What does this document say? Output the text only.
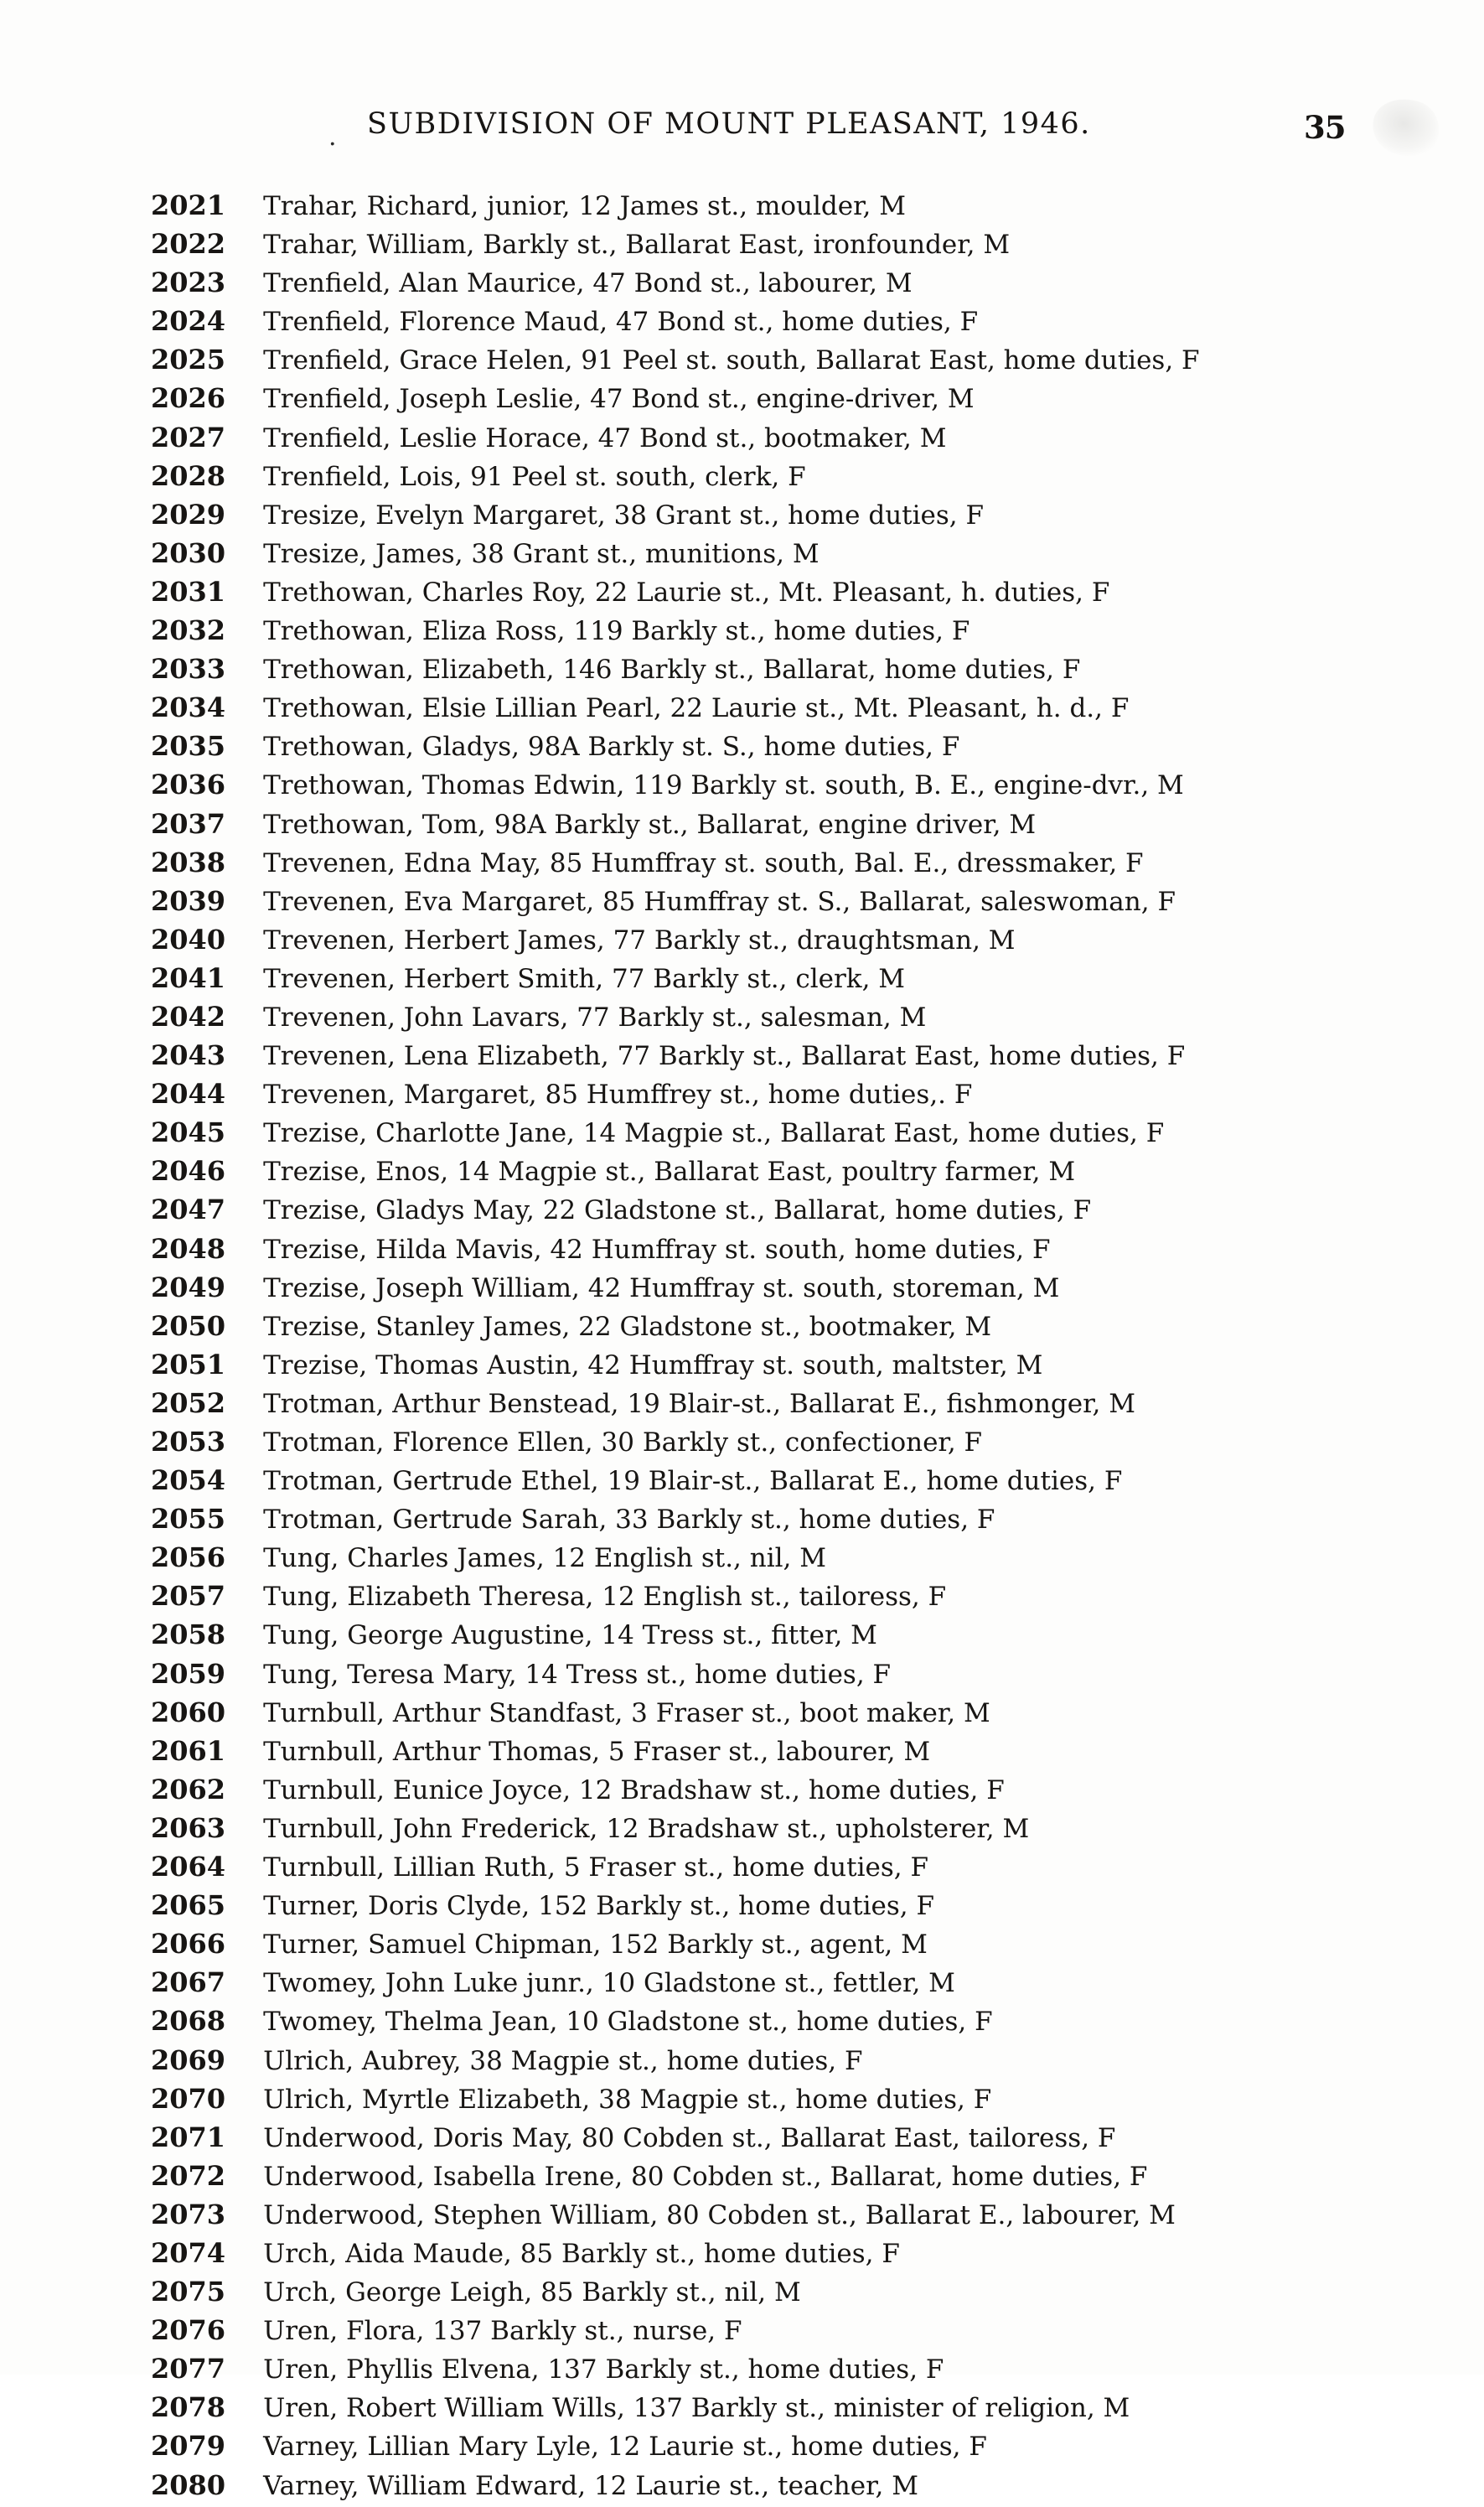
. SUBDIVISION OF MOUNT PLEASANT, 1946.	35
2021 Trahar, Richard, junior, 12 James st., moulder, M
2022 Trahar, William, Barkly st., Ballarat East, ironfounder, M
2023 Trenfield, Alan Maurice, 47 Bond st., labourer, M
2024 Trenfield, Florence Maud, 47 Bond st., home duties, F
2025 Trenfield, Grace Helen, 91 Peel st. south, Ballarat East, home duties, F
2026 Trenfield, Joseph Leslie, 47 Bond st., engine-driver, M
2027 Trenfield, Leslie Horace, 47 Bond st., bootmaker, M
2028 Trenfield, Lois, 91 Peel st. south, clerk, F
2029 Tresize, Evelyn Margaret, 38 Grant st., home duties, F
2030 Tresize, James, 38 Grant st., munitions, M
2031 Trethowan, Charles Roy, 22 Laurie st., Mt. Pleasant, h. duties, F
2032 Trethowan, Eliza Ross, 119 Barkly st., home duties, F
2033 Trethowan, Elizabeth, 146 Barkly st., Ballarat, home duties, F
2034 Trethowan, Elsie Lillian Pearl, 22 Laurie st., Mt. Pleasant, h. d., F
2035 Trethowan, Gladys, 98A Barkly st. S., home duties, F
2036 Trethowan, Thomas Edwin, 119 Barkly st. south, B. E., engine-dvr., M
2037 Trethowan, Tom, 98A Barkly st., Ballarat, engine driver, M
2038 Trevenen, Edna May, 85 Humffray st. south, Bal. E., dressmaker, F
2039 Trevenen, Eva Margaret, 85 Humffray st. S., Ballarat, saleswoman, F
2040 Trevenen, Herbert James, 77 Barkly st., draughtsman, M
2041 Trevenen, Herbert Smith, 77 Barkly st., clerk, M
2042 Trevenen, John Lavars, 77 Barkly st., salesman, M
2043 Trevenen, Lena Elizabeth, 77 Barkly st., Ballarat East, home duties, F
2044 Trevenen, Margaret, 85 Humffrey st., home duties,. F
2045 Trezise, Charlotte Jane, 14 Magpie st., Ballarat East, home duties, F
2046 Trezise, Enos, 14 Magpie st., Ballarat East, poultry farmer, M
2047 Trezise, Gladys May, 22 Gladstone st., Ballarat, home duties, F
2048 Trezise, Hilda Mavis, 42 Humffray st. south, home duties, F
2049 Trezise, Joseph William, 42 Humffray st. south, storeman, M
2050 Trezise, Stanley James, 22 Gladstone st., bootmaker, M
2051 Trezise, Thomas Austin, 42 Humffray st. south, maltster, M
2052 Trotman, Arthur Benstead, 19 Blair-st., Ballarat E., fishmonger, M
2053 Trotman, Florence Ellen, 30 Barkly st., confectioner, F
2054 Trotman, Gertrude Ethel, 19 Blair-st., Ballarat E., home duties, F
2055 Trotman, Gertrude Sarah, 33 Barkly st., home duties, F
2056 Tung, Charles James, 12 English st., nil, M
2057 Tung, Elizabeth Theresa, 12 English st., tailoress, F
2058 Tung, George Augustine, 14 Tress st., fitter, M
2059 Tung, Teresa Mary, 14 Tress st., home duties, F
2060 Turnbull, Arthur Standfast, 3 Fraser st., boot maker, M
2061 Turnbull, Arthur Thomas, 5 Fraser st., labourer, M
2062 Turnbull, Eunice Joyce, 12 Bradshaw st., home duties, F
2063 Turnbull, John Frederick, 12 Bradshaw st., upholsterer, M
2064 Turnbull, Lillian Ruth, 5 Fraser st., home duties, F
2065 Turner, Doris Clyde, 152 Barkly st., home duties, F
2066 Turner, Samuel Chipman, 152 Barkly st., agent, M
2067 Twomey, John Luke junr., 10 Gladstone st., fettler, M
2068 Twomey, Thelma Jean, 10 Gladstone st., home duties, F
2069 Ulrich, Aubrey, 38 Magpie st., home duties, F
2070 Ulrich, Myrtle Elizabeth, 38 Magpie st., home duties, F
2071 Underwood, Doris May, 80 Cobden st., Ballarat East, tailoress, F
2072 Underwood, Isabella Irene, 80 Cobden st., Ballarat, home duties, F
2073 Underwood, Stephen William, 80 Cobden st., Ballarat E., labourer, M
2074 Urch, Aida Maude, 85 Barkly st., home duties, F
2075 Urch, George Leigh, 85 Barkly st., nil, M
2076 Uren, Flora, 137 Barkly st., nurse, F
2077 Uren, Phyllis Elvena, 137 Barkly st., home duties, F
2078 Uren, Robert William Wills, 137 Barkly st., minister of religion, M
2079 Varney, Lillian Mary Lyle, 12 Laurie st., home duties, F
2080 Varney, William Edward, 12 Laurie st., teacher, M
